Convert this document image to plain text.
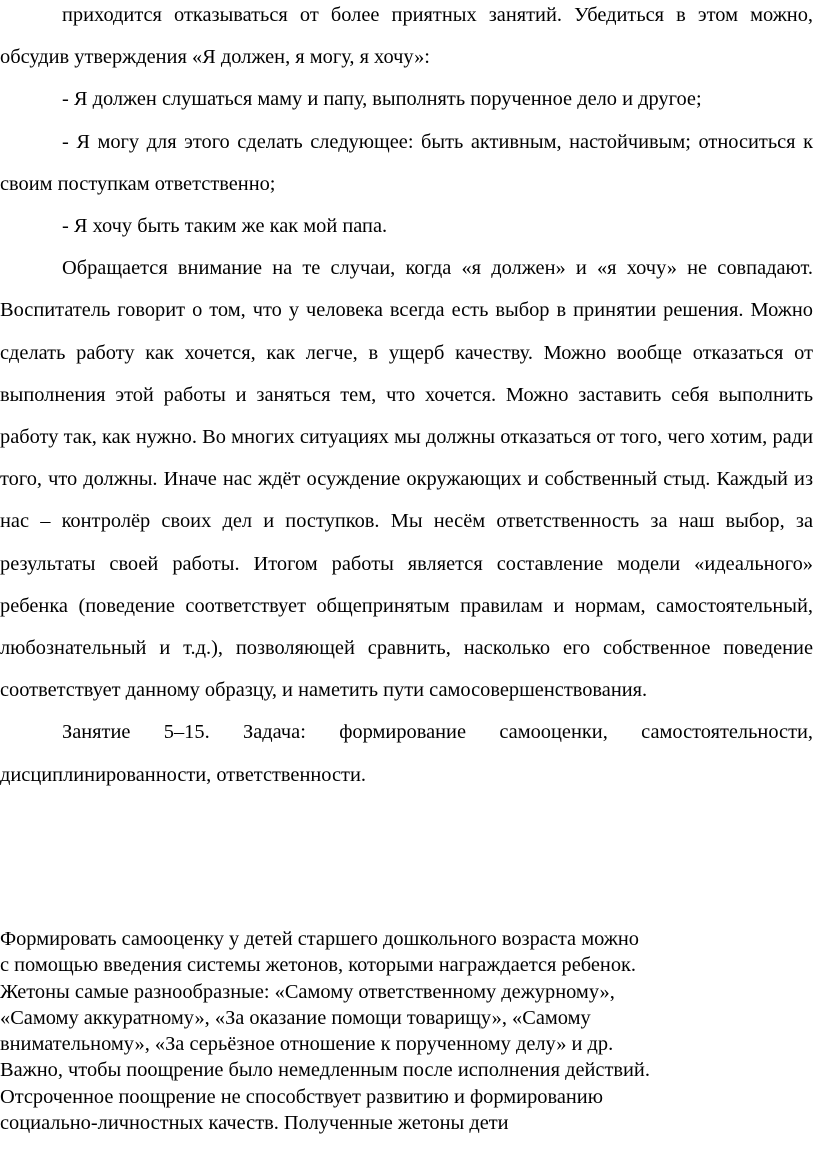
приходится отказываться от более приятных занятий. Убедиться в этом можно, обсудив утверждения «Я должен, я могу, я хочу»:

- Я должен слушаться маму и папу, выполнять порученное дело и другое;

- Я могу для этого сделать следующее: быть активным, настойчивым; относиться к своим поступкам ответственно;

- Я хочу быть таким же как мой папа.

Обращается внимание на те случаи, когда «я должен» и «я хочу» не совпадают. Воспитатель говорит о том, что у человека всегда есть выбор в принятии решения. Можно сделать работу как хочется, как легче, в ущерб качеству. Можно вообще отказаться от выполнения этой работы и заняться тем, что хочется. Можно заставить себя выполнить работу так, как нужно. Во многих ситуациях мы должны отказаться от того, чего хотим, ради того, что должны. Иначе нас ждёт осуждение окружающих и собственный стыд. Каждый из нас – контролёр своих дел и поступков. Мы несём ответственность за наш выбор, за результаты своей работы. Итогом работы является составление модели «идеального» ребенка (поведение соответствует общепринятым правилам и нормам, самостоятельный, любознательный и т.д.), позволяющей сравнить, насколько его собственное поведение соответствует данному образцу, и наметить пути самосовершенствования.

Занятие 5–15. Задача: формирование самооценки, самостоятельности, дисциплинированности, ответственности.

Формировать самооценку у детей старшего дошкольного возраста можно

с помощью введения системы жетонов, которыми награждается ребенок.

Жетоны самые разнообразные: «Самому ответственному дежурному»,

«Самому аккуратному», «За оказание помощи товарищу», «Самому

внимательному», «За серьёзное отношение к порученному делу» и др.

Важно, чтобы поощрение было немедленным после исполнения действий.

Отсроченное поощрение не способствует развитию и формированию

социально-личностных качеств. Полученные жетоны дети
